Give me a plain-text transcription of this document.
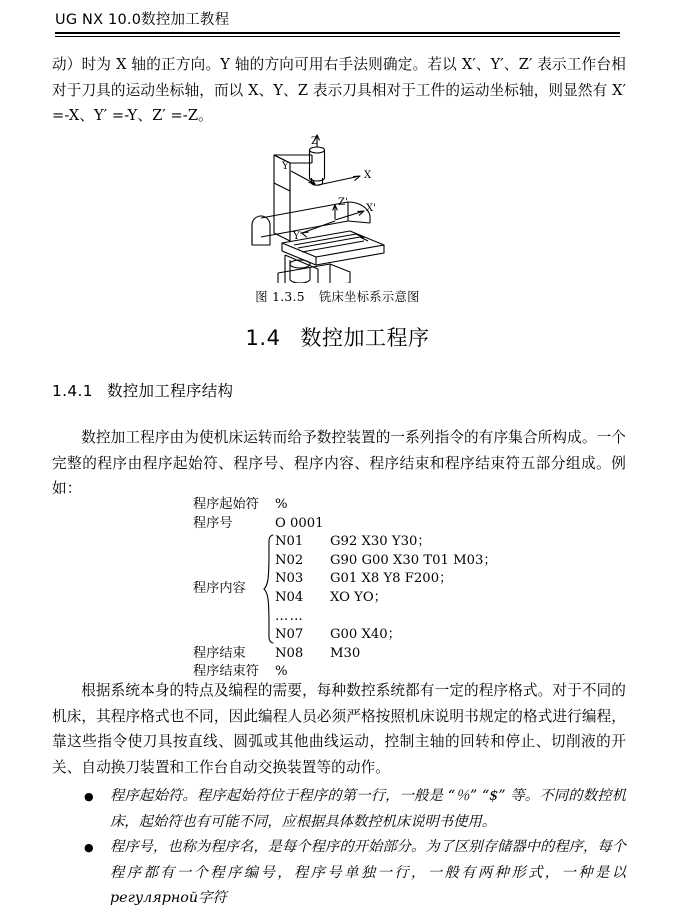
UG NX 10.0数控加工教程

动）时为 X 轴的正方向。Y 轴的方向可用右手法则确定。若以 X′、Y′、Z′ 表示工作台相对于刀具的运动坐标轴，而以 X、Y、Z 表示刀具相对于工件的运动坐标轴，则显然有 X′ =-X、Y′ =-Y、Z′ =-Z。

Z
Y
X
Z'
X'
Y'
图 1.3.5 铣床坐标系示意图
1.4 数控加工程序
1.4.1 数控加工程序结构

数控加工程序由为使机床运转而给予数控装置的一系列指令的有序集合所构成。一个完整的程序由程序起始符、程序号、程序内容、程序结束和程序结束符五部分组成。例如：

程序起始符 %
程序号	O 0001
程序内容
N01	G92 X30 Y30；
N02	G90 G00 X30 T01 M03；
N03	G01 X8 Y8 F200；
N04	XO YO；
……
N07	G00 X40；
程序结束	N08	M30
程序结束符 %

根据系统本身的特点及编程的需要，每种数控系统都有一定的程序格式。对于不同的机床，其程序格式也不同，因此编程人员必须严格按照机床说明书规定的格式进行编程，靠这些指令使刀具按直线、圆弧或其他曲线运动，控制主轴的回转和停止、切削液的开关、自动换刀装置和工作台自动交换装置等的动作。

● 程序起始符。程序起始符位于程序的第一行，一般是 “％” “$” 等。不同的数控机床，起始符也有可能不同，应根据具体数控机床说明书使用。
● 程序号，也称为程序名，是每个程序的开始部分。为了区别存储器中的程序，每个程序都有一个程序编号，程序号单独一行，一般有两种形式，一种是以регулярной字符
